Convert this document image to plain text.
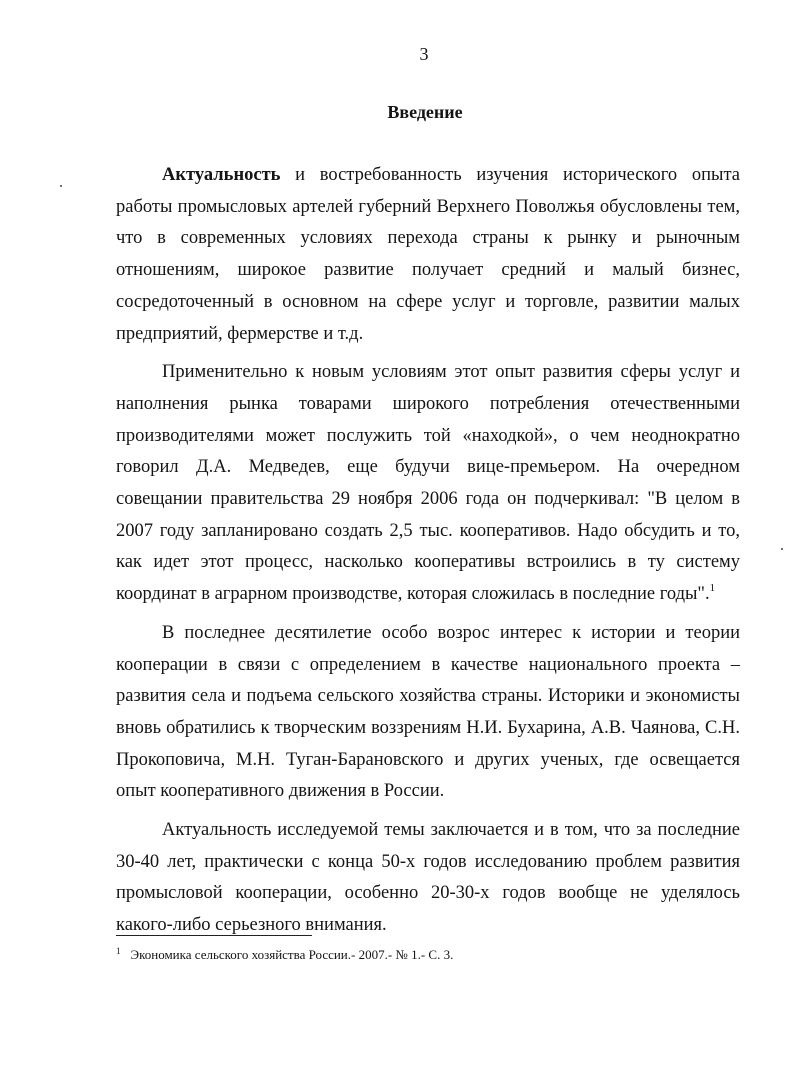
3
Введение

Актуальность и востребованность изучения исторического опыта работы промысловых артелей губерний Верхнего Поволжья обусловлены тем, что в современных условиях перехода страны к рынку и рыночным отношениям, широкое развитие получает средний и малый бизнес, сосредоточенный в основном на сфере услуг и торговле, развитии малых предприятий, фермерстве и т.д.

Применительно к новым условиям этот опыт развития сферы услуг и наполнения рынка товарами широкого потребления отечественными производителями может послужить той «находкой», о чем неоднократно говорил Д.А. Медведев, еще будучи вице-премьером. На очередном совещании правительства 29 ноября 2006 года он подчеркивал: "В целом в 2007 году запланировано создать 2,5 тыс. кооперативов. Надо обсудить и то, как идет этот процесс, насколько кооперативы встроились в ту систему координат в аграрном производстве, которая сложилась в последние годы".$^1$

В последнее десятилетие особо возрос интерес к истории и теории кооперации в связи с определением в качестве национального проекта – развития села и подъема сельского хозяйства страны. Историки и экономисты вновь обратились к творческим воззрениям Н.И. Бухарина, А.В. Чаянова, С.Н. Прокоповича, М.Н. Туган-Барановского и других ученых, где освещается опыт кооперативного движения в России.

Актуальность исследуемой темы заключается и в том, что за последние 30-40 лет, практически с конца 50-х годов исследованию проблем развития промысловой кооперации, особенно 20-30-х годов вообще не уделялось какого-либо серьезного внимания.

$^1$ Экономика сельского хозяйства России.- 2007.- № 1.- С. 3.
